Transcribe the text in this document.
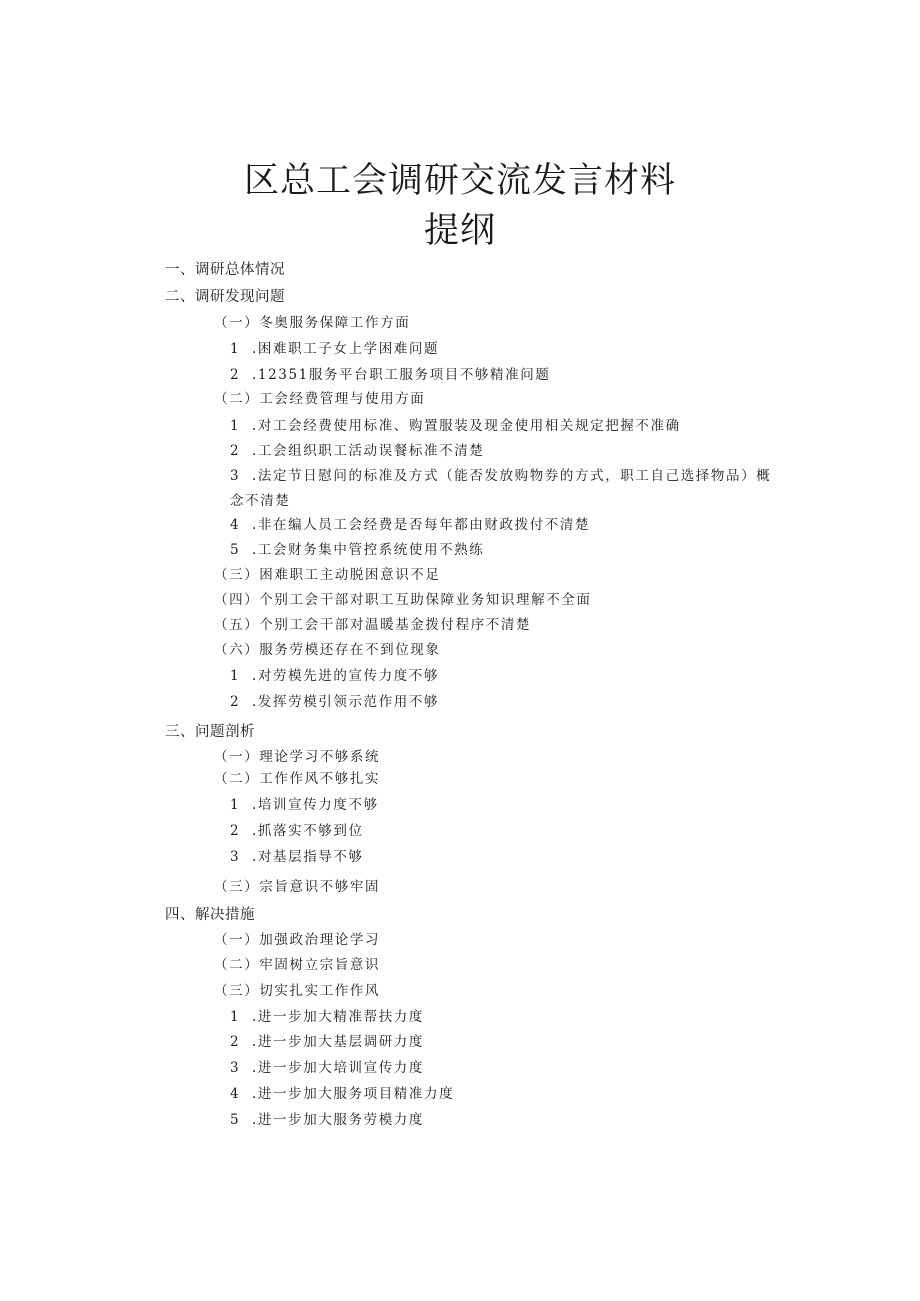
区总工会调研交流发言材料
提纲
一、调研总体情况
二、调研发现问题
（一）冬奥服务保障工作方面
1 .困难职工子女上学困难问题
2 .12351服务平台职工服务项目不够精准问题
（二）工会经费管理与使用方面
1 .对工会经费使用标准、购置服装及现金使用相关规定把握不准确
2 .工会组织职工活动误餐标准不清楚
3 .法定节日慰问的标准及方式（能否发放购物券的方式，职工自己选择物品）概
念不清楚
4 .非在编人员工会经费是否每年都由财政拨付不清楚
5 .工会财务集中管控系统使用不熟练
（三）困难职工主动脱困意识不足
（四）个别工会干部对职工互助保障业务知识理解不全面
（五）个别工会干部对温暖基金拨付程序不清楚
（六）服务劳模还存在不到位现象
1 .对劳模先进的宣传力度不够
2 .发挥劳模引领示范作用不够
三、问题剖析
（一）理论学习不够系统
（二）工作作风不够扎实
1 .培训宣传力度不够
2 .抓落实不够到位
3 .对基层指导不够
（三）宗旨意识不够牢固
四、解决措施
（一）加强政治理论学习
（二）牢固树立宗旨意识
（三）切实扎实工作作风
1 .进一步加大精准帮扶力度
2 .进一步加大基层调研力度
3 .进一步加大培训宣传力度
4 .进一步加大服务项目精准力度
5 .进一步加大服务劳模力度
